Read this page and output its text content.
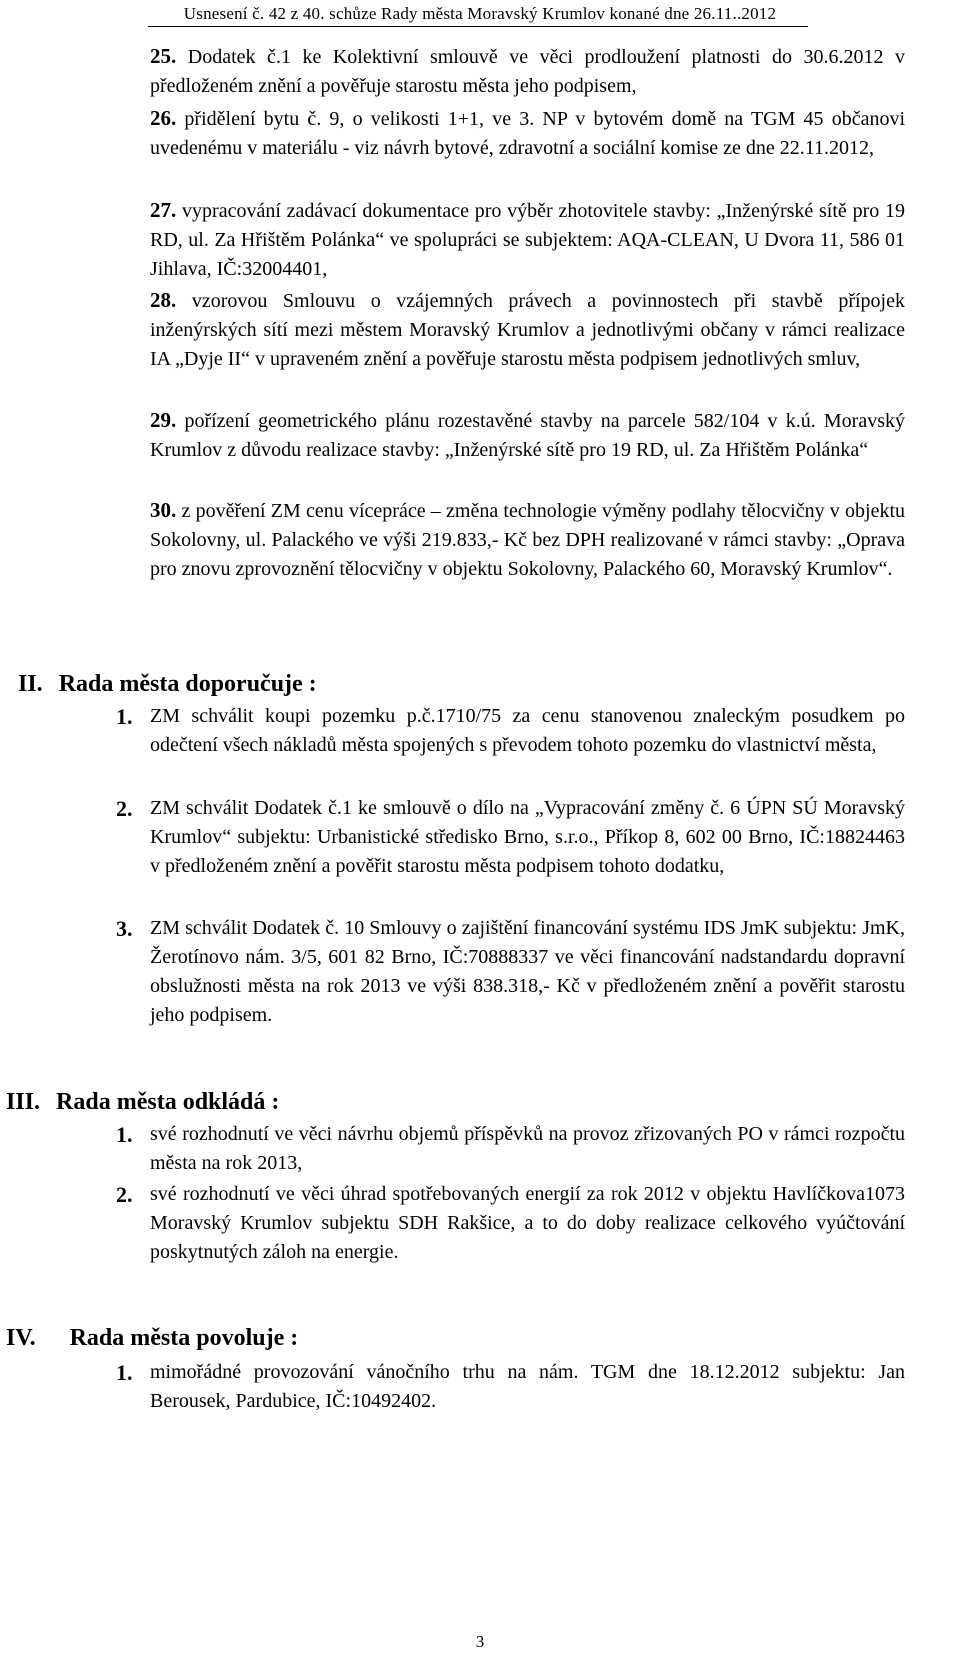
Usnesení č. 42 z 40. schůze Rady města Moravský Krumlov konané dne 26.11..2012
25. Dodatek č.1 ke Kolektivní smlouvě ve věci prodloužení platnosti do 30.6.2012 v předloženém znění a pověřuje starostu města jeho podpisem,
26. přidělení bytu č. 9, o velikosti 1+1, ve 3. NP v bytovém domě na TGM 45 občanovi uvedenému v materiálu - viz návrh bytové, zdravotní a sociální komise ze dne 22.11.2012,
27. vypracování zadávací dokumentace pro výběr zhotovitele stavby: „Inženýrské sítě pro 19 RD, ul. Za Hřištěm Polánka“ ve spolupráci se subjektem: AQA-CLEAN, U Dvora 11, 586 01 Jihlava, IČ:32004401,
28. vzorovou Smlouvu o vzájemných právech a povinnostech při stavbě přípojek inženýrských sítí mezi městem Moravský Krumlov a jednotlivými občany v rámci realizace IA „Dyje II“ v upraveném znění a pověřuje starostu města podpisem jednotlivých smluv,
29. pořízení geometrického plánu rozestavěné stavby na parcele 582/104 v k.ú. Moravský Krumlov z důvodu realizace stavby: „Inženýrské sítě pro 19 RD, ul. Za Hřištěm Polánka“
30. z pověření ZM cenu vícepráce – změna technologie výměny podlahy tělocvičny v objektu Sokolovny, ul. Palackého ve výši 219.833,- Kč bez DPH realizované v rámci stavby: „Oprava pro znovu zprovoznění tělocvičny v objektu Sokolovny, Palackého 60, Moravský Krumlov“.
II. Rada města doporučuje :
1. ZM schválit koupi pozemku p.č.1710/75 za cenu stanovenou znaleckým posudkem po odečtení všech nákladů města spojených s převodem tohoto pozemku do vlastnictví města,
2. ZM schválit Dodatek č.1 ke smlouvě o dílo na „Vypracování změny č. 6 ÚPN SÚ Moravský Krumlov“ subjektu: Urbanistické středisko Brno, s.r.o., Příkop 8, 602 00 Brno, IČ:18824463 v předloženém znění a pověřit starostu města podpisem tohoto dodatku,
3. ZM schválit Dodatek č. 10 Smlouvy o zajištění financování systému IDS JmK subjektu: JmK, Žerotínovo nám. 3/5, 601 82 Brno, IČ:70888337 ve věci financování nadstandardu dopravní obslužnosti města na rok 2013 ve výši 838.318,- Kč v předloženém znění a pověřit starostu jeho podpisem.
III. Rada města odkládá :
1. své rozhodnutí ve věci návrhu objemů příspěvků na provoz zřizovaných PO v rámci rozpočtu města na rok 2013,
2. své rozhodnutí ve věci úhrad spotřebovaných energií za rok 2012 v objektu Havlíčkova1073 Moravský Krumlov subjektu SDH Rakšice, a to do doby realizace celkového vyúčtování poskytnutých záloh na energie.
IV. Rada města povoluje :
1. mimořádné provozování vánočního trhu na nám. TGM dne 18.12.2012 subjektu: Jan Berousek, Pardubice, IČ:10492402.
3
